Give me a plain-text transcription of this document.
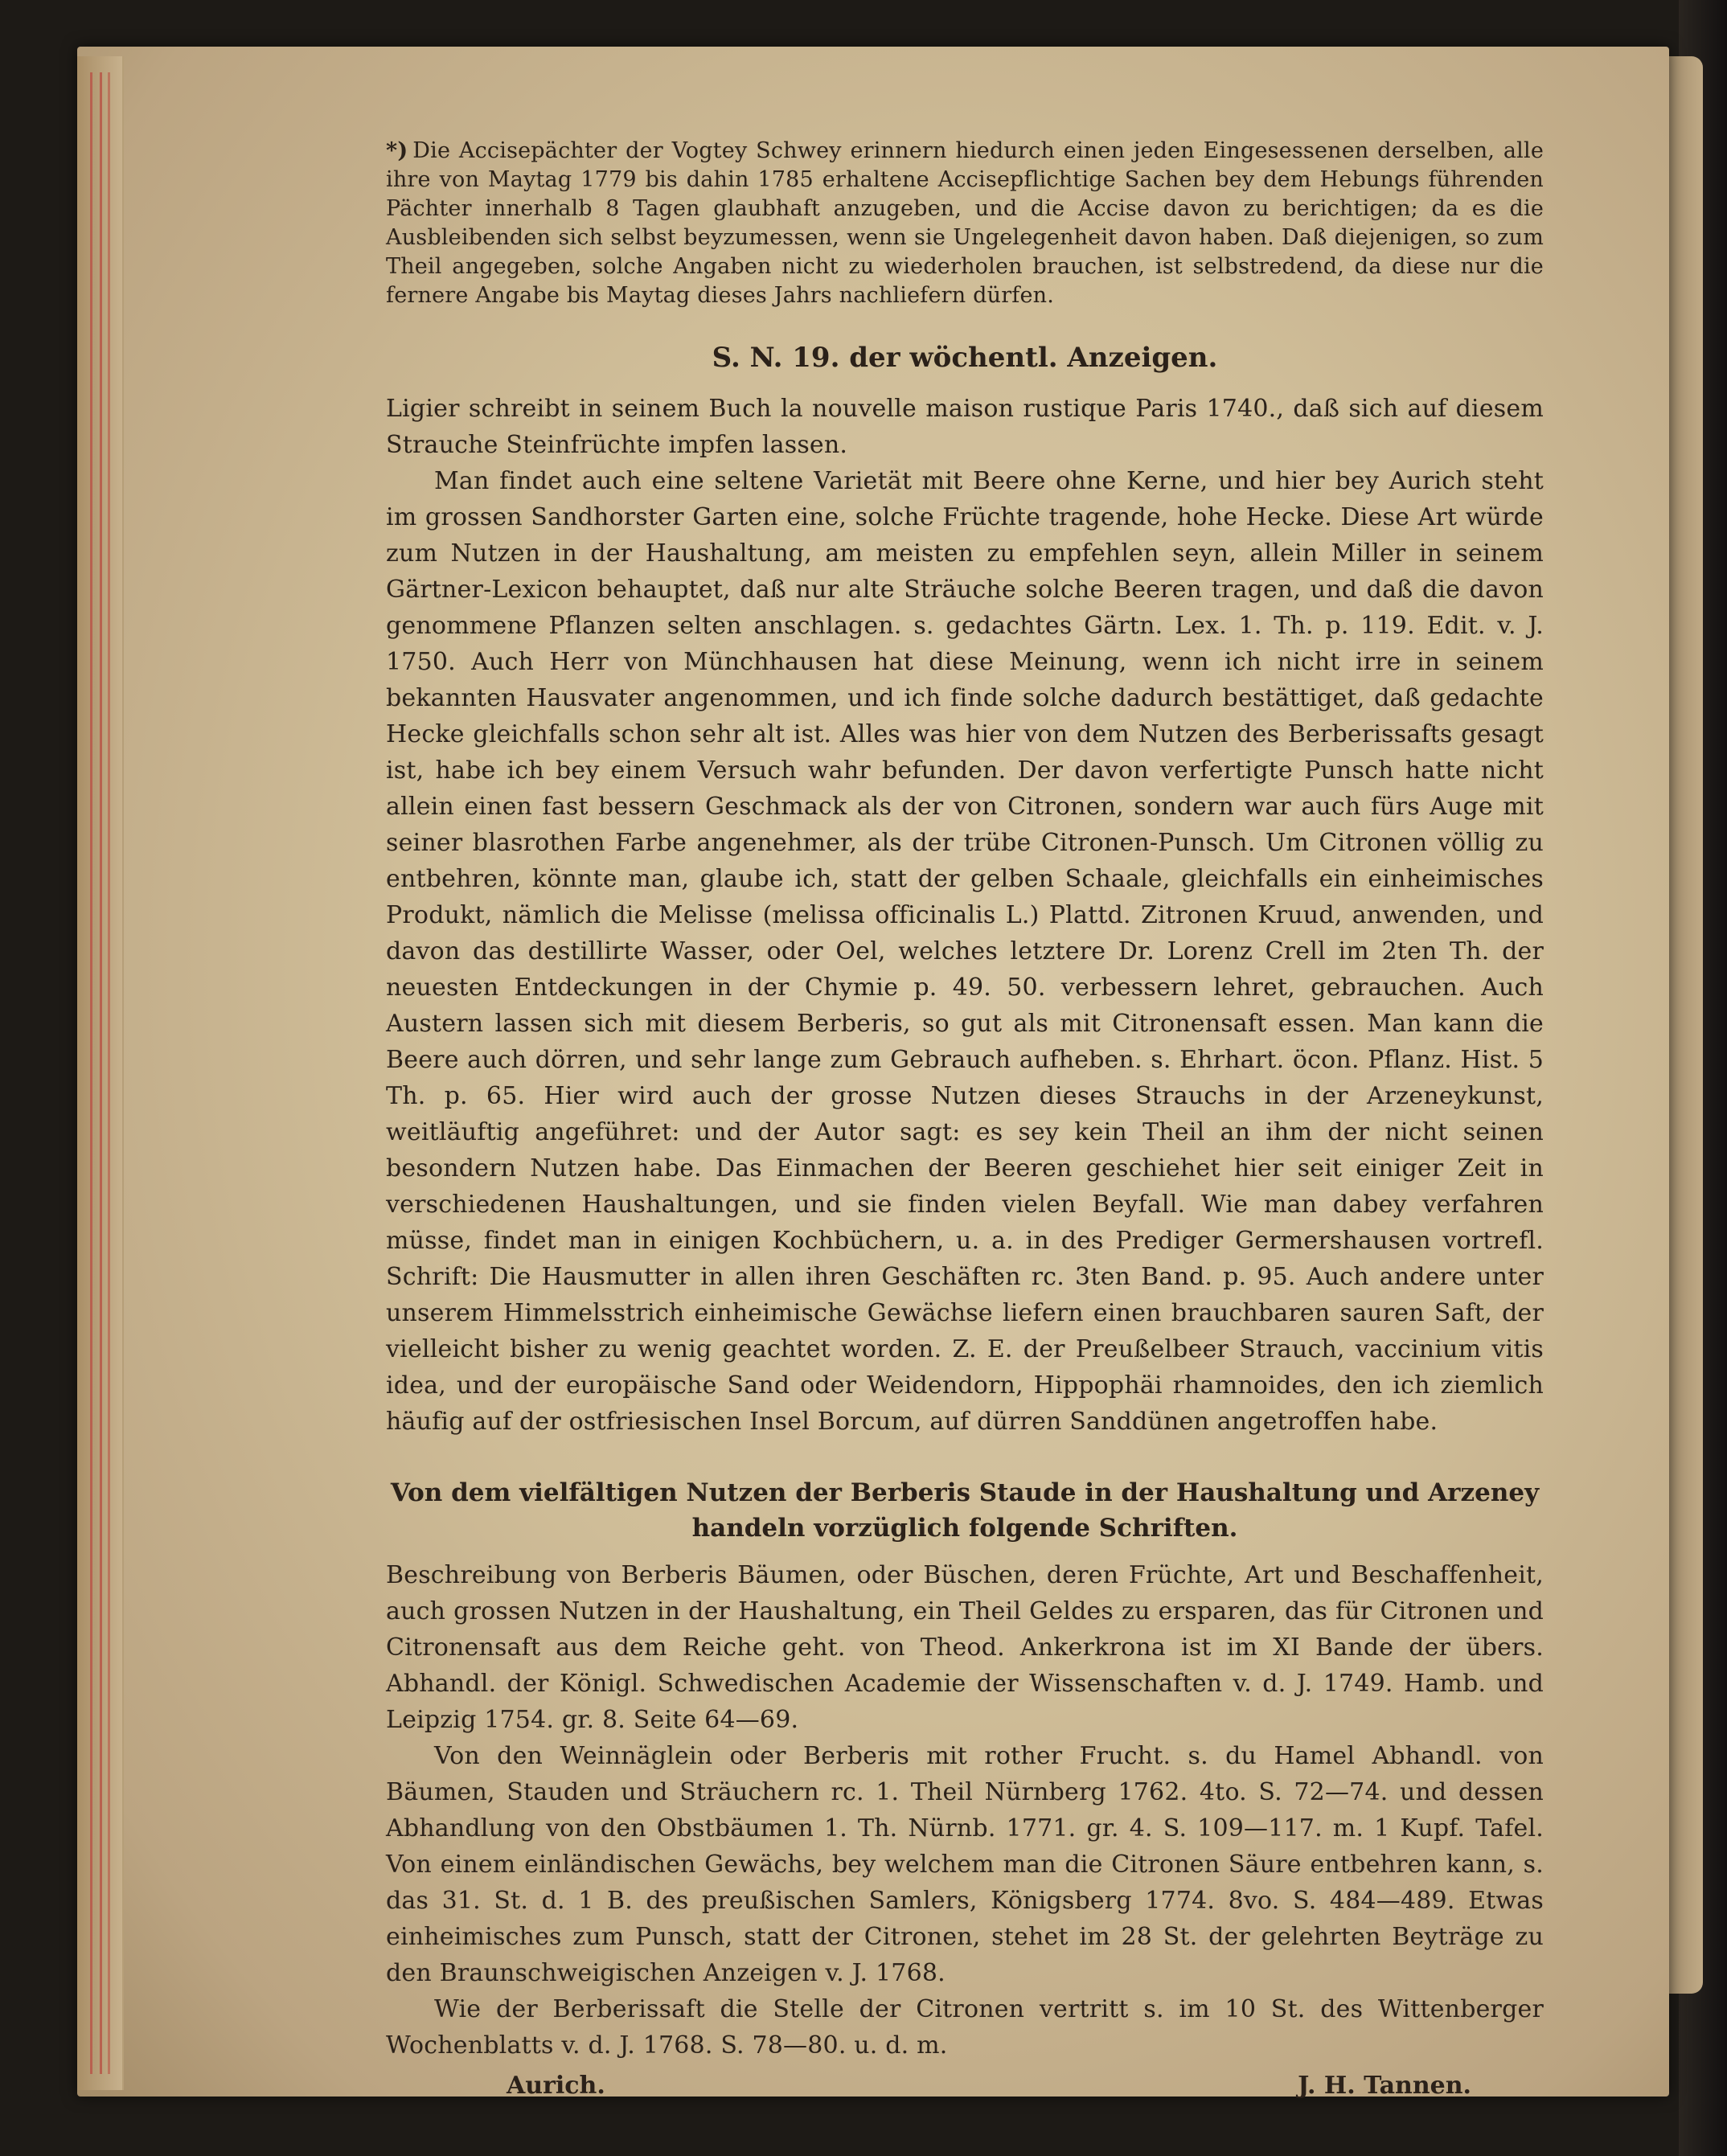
*) Die Accisepächter der Vogtey Schwey erinnern hiedurch einen jeden Eingesessenen derselben, alle ihre von Maytag 1779 bis dahin 1785 erhaltene Accisepflichtige Sachen bey dem Hebungs führenden Pächter innerhalb 8 Tagen glaubhaft anzugeben, und die Accise davon zu berichtigen; da es die Ausbleibenden sich selbst beyzumessen, wenn sie Ungelegenheit davon haben. Daß diejenigen, so zum Theil angegeben, solche Angaben nicht zu wiederholen brauchen, ist selbstredend, da diese nur die fernere Angabe bis Maytag dieses Jahrs nachliefern dürfen.

S. N. 19. der wöchentl. Anzeigen.

Ligier schreibt in seinem Buch la nouvelle maison rustique Paris 1740., daß sich auf diesem Strauche Steinfrüchte impfen lassen.

Man findet auch eine seltene Varietät mit Beere ohne Kerne, und hier bey Aurich steht im grossen Sandhorster Garten eine, solche Früchte tragende, hohe Hecke. Diese Art würde zum Nutzen in der Haushaltung, am meisten zu empfehlen seyn, allein Miller in seinem Gärtner-Lexicon behauptet, daß nur alte Sträuche solche Beeren tragen, und daß die davon genommene Pflanzen selten anschlagen. s. gedachtes Gärtn. Lex. 1. Th. p. 119. Edit. v. J. 1750. Auch Herr von Münchhausen hat diese Meinung, wenn ich nicht irre in seinem bekannten Hausvater angenommen, und ich finde solche dadurch bestättiget, daß gedachte Hecke gleichfalls schon sehr alt ist. Alles was hier von dem Nutzen des Berberissafts gesagt ist, habe ich bey einem Versuch wahr befunden. Der davon verfertigte Punsch hatte nicht allein einen fast bessern Geschmack als der von Citronen, sondern war auch fürs Auge mit seiner blasrothen Farbe angenehmer, als der trübe Citronen-Punsch. Um Citronen völlig zu entbehren, könnte man, glaube ich, statt der gelben Schaale, gleichfalls ein einheimisches Produkt, nämlich die Melisse (melissa officinalis L.) Plattd. Zitronen Kruud, anwenden, und davon das destillirte Wasser, oder Oel, welches letztere Dr. Lorenz Crell im 2ten Th. der neuesten Entdeckungen in der Chymie p. 49. 50. verbessern lehret, gebrauchen. Auch Austern lassen sich mit diesem Berberis, so gut als mit Citronensaft essen. Man kann die Beere auch dörren, und sehr lange zum Gebrauch aufheben. s. Ehrhart. öcon. Pflanz. Hist. 5 Th. p. 65. Hier wird auch der grosse Nutzen dieses Strauchs in der Arzeneykunst, weitläuftig angeführet: und der Autor sagt: es sey kein Theil an ihm der nicht seinen besondern Nutzen habe. Das Einmachen der Beeren geschiehet hier seit einiger Zeit in verschiedenen Haushaltungen, und sie finden vielen Beyfall. Wie man dabey verfahren müsse, findet man in einigen Kochbüchern, u. a. in des Prediger Germershausen vortrefl. Schrift: Die Hausmutter in allen ihren Geschäften rc. 3ten Band. p. 95. Auch andere unter unserem Himmelsstrich einheimische Gewächse liefern einen brauchbaren sauren Saft, der vielleicht bisher zu wenig geachtet worden. Z. E. der Preußelbeer Strauch, vaccinium vitis idea, und der europäische Sand oder Weidendorn, Hippophäi rhamnoides, den ich ziemlich häufig auf der ostfriesischen Insel Borcum, auf dürren Sanddünen angetroffen habe.

Von dem vielfältigen Nutzen der Berberis Staude in der Haushaltung und Arzeney handeln vorzüglich folgende Schriften.

Beschreibung von Berberis Bäumen, oder Büschen, deren Früchte, Art und Beschaffenheit, auch grossen Nutzen in der Haushaltung, ein Theil Geldes zu ersparen, das für Citronen und Citronensaft aus dem Reiche geht. von Theod. Ankerkrona ist im XI Bande der übers. Abhandl. der Königl. Schwedischen Academie der Wissenschaften v. d. J. 1749. Hamb. und Leipzig 1754. gr. 8. Seite 64—69.

Von den Weinnäglein oder Berberis mit rother Frucht. s. du Hamel Abhandl. von Bäumen, Stauden und Sträuchern rc. 1. Theil Nürnberg 1762. 4to. S. 72—74. und dessen Abhandlung von den Obstbäumen 1. Th. Nürnb. 1771. gr. 4. S. 109—117. m. 1 Kupf. Tafel. Von einem einländischen Gewächs, bey welchem man die Citronen Säure entbehren kann, s. das 31. St. d. 1 B. des preußischen Samlers, Königsberg 1774. 8vo. S. 484—489. Etwas einheimisches zum Punsch, statt der Citronen, stehet im 28 St. der gelehrten Beyträge zu den Braunschweigischen Anzeigen v. J. 1768.

Wie der Berberissaft die Stelle der Citronen vertritt s. im 10 St. des Wittenberger Wochenblatts v. d. J. 1768. S. 78—80. u. d. m.

Aurich.	J. H. Tannen.
